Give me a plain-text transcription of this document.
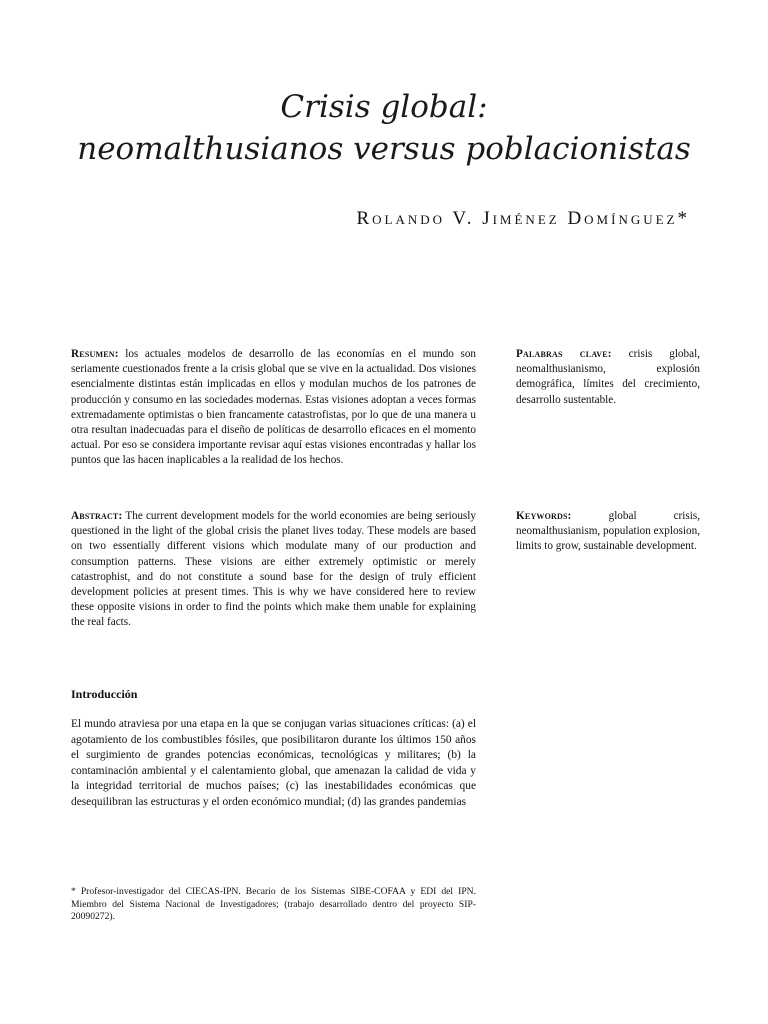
Crisis global:
neomalthusianos versus poblacionistas
Rolando V. Jiménez Domínguez*
Resumen: los actuales modelos de desarrollo de las economías en el mundo son seriamente cuestionados frente a la crisis global que se vive en la actualidad. Dos visiones esencialmente distintas están implicadas en ellos y modulan muchos de los patrones de producción y consumo en las sociedades modernas. Estas visiones adoptan a veces formas extremadamente optimistas o bien francamente catastrofistas, por lo que de una manera u otra resultan inadecuadas para el diseño de políticas de desarrollo eficaces en el momento actual. Por eso se considera importante revisar aquí estas visiones encontradas y hallar los puntos que las hacen inaplicables a la realidad de los hechos.
Palabras clave: crisis global, neomalthusianismo, explosión demográfica, límites del crecimiento, desarrollo sustentable.
Abstract: The current development models for the world economies are being seriously questioned in the light of the global crisis the planet lives today. These models are based on two essentially different visions which modulate many of our production and consumption patterns. These visions are either extremely optimistic or merely catastrophist, and do not constitute a sound base for the design of truly efficient development policies at present times. This is why we have considered here to review these opposite visions in order to find the points which make them unable for explaining the real facts.
Keywords:	global crisis, neomalthusianism, population explosion, limits to grow, sustainable development.
Introducción
El mundo atraviesa por una etapa en la que se conjugan varias situaciones críticas: (a) el agotamiento de los combustibles fósiles, que posibilitaron durante los últimos 150 años el surgimiento de grandes potencias económicas, tecnológicas y militares; (b) la contaminación ambiental y el calentamiento global, que amenazan la calidad de vida y la integridad territorial de muchos países; (c) las inestabilidades económicas que desequilibran las estructuras y el orden económico mundial; (d) las grandes pandemias
* Profesor-investigador del CIECAS-IPN. Becario de los Sistemas SIBE-COFAA y EDI del IPN. Miembro del Sistema Nacional de Investigadores; (trabajo desarrollado dentro del proyecto SIP-20090272).
